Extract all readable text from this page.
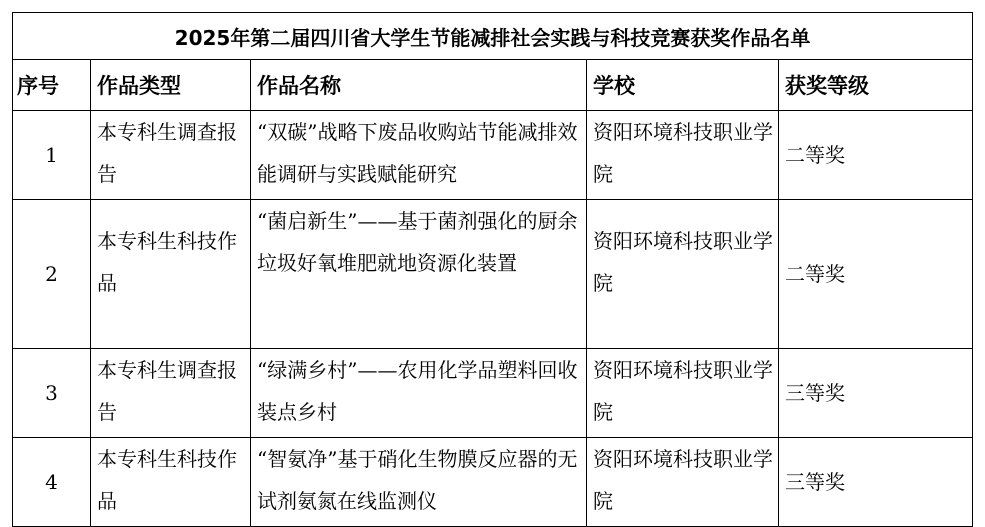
2025年第二届四川省大学生节能减排社会实践与科技竞赛获奖作品名单				
序号	作品类型	作品名称	学校	获奖等级
1	本专科生调查报告	“双碳”战略下废品收购站节能减排效能调研与实践赋能研究	资阳环境科技职业学院	二等奖
2	本专科生科技作品	“菌启新生”——基于菌剂强化的厨余垃圾好氧堆肥就地资源化装置	资阳环境科技职业学院	二等奖
3	本专科生调查报告	“绿满乡村”——农用化学品塑料回收装点乡村	资阳环境科技职业学院	三等奖
4	本专科生科技作品	“智氨净”基于硝化生物膜反应器的无试剂氨氮在线监测仪	资阳环境科技职业学院	三等奖
